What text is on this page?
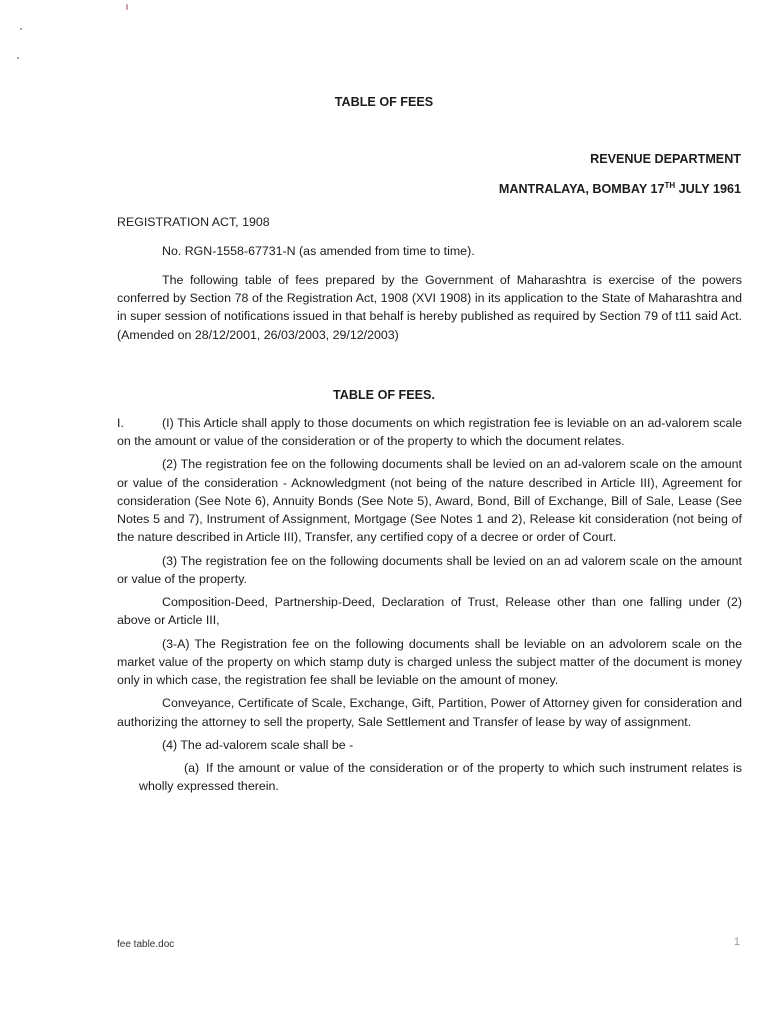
TABLE OF FEES
REVENUE DEPARTMENT
MANTRALAYA, BOMBAY 17TH JULY 1961
REGISTRATION ACT, 1908
No. RGN-1558-67731-N (as amended from time to time).

The following table of fees prepared by the Government of Maharashtra is exercise of the powers conferred by Section 78 of the Registration Act, 1908 (XVI 1908) in its application to the State of Maharashtra and in super session of notifications issued in that behalf is hereby published as required by Section 79 of t11 said Act. (Amended on 28/12/2001, 26/03/2003, 29/12/2003)

TABLE OF FEES.

I.	(I) This Article shall apply to those documents on which registration fee is leviable on an ad-valorem scale on the amount or value of the consideration or of the property to which the document relates.

(2) The registration fee on the following documents shall be levied on an ad-valorem scale on the amount or value of the consideration - Acknowledgment (not being of the nature described in Article III), Agreement for consideration (See Note 6), Annuity Bonds (See Note 5), Award, Bond, Bill of Exchange, Bill of Sale, Lease (See Notes 5 and 7), Instrument of Assignment, Mortgage (See Notes 1 and 2), Release kit consideration (not being of the nature described in Article III), Transfer, any certified copy of a decree or order of Court.

(3) The registration fee on the following documents shall be levied on an ad valorem scale on the amount or value of the property.

Composition-Deed, Partnership-Deed, Declaration of Trust, Release other than one falling under (2) above or Article III,

(3-A) The Registration fee on the following documents shall be leviable on an advolorem scale on the market value of the property on which stamp duty is charged unless the subject matter of the document is money only in which case, the registration fee shall be leviable on the amount of money.

Conveyance, Certificate of Scale, Exchange, Gift, Partition, Power of Attorney given for consideration and authorizing the attorney to sell the property, Sale Settlement and Transfer of lease by way of assignment.

(4) The ad-valorem scale shall be -

(a) If the amount or value of the consideration or of the property to which such instrument relates is wholly expressed therein.

fee table.doc	1
